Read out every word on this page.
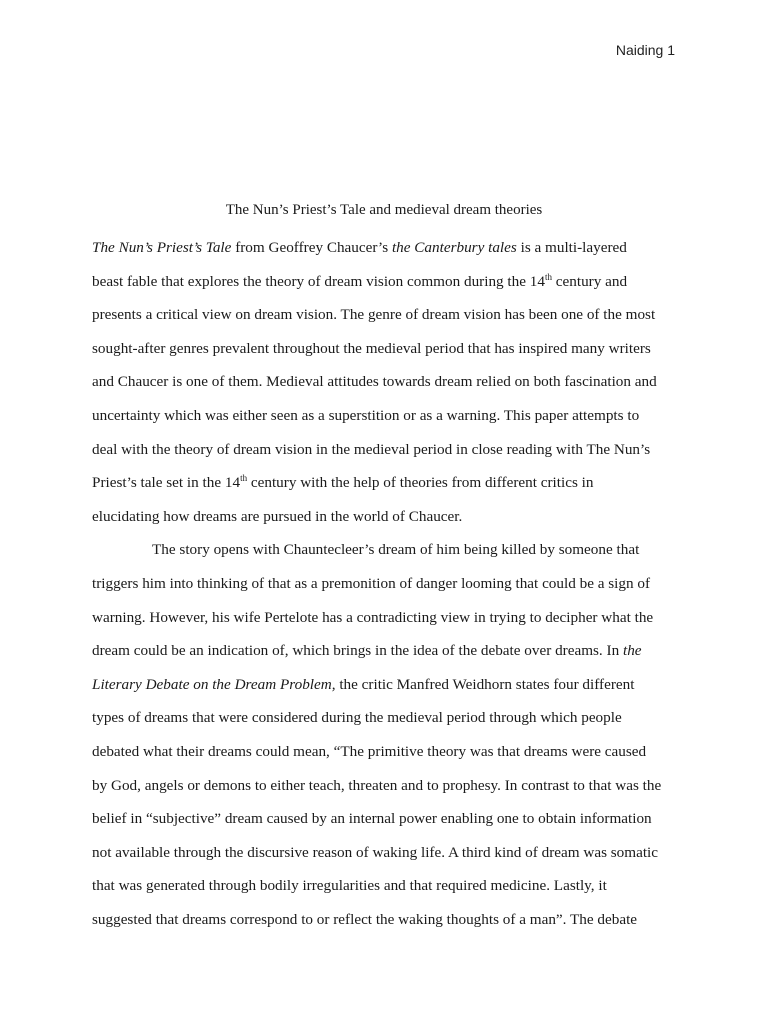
Naiding 1
The Nun’s Priest’s Tale and medieval dream theories
The Nun’s Priest’s Tale from Geoffrey Chaucer’s the Canterbury tales is a multi-layered
beast fable that explores the theory of dream vision common during the 14th century and
presents a critical view on dream vision. The genre of dream vision has been one of the most
sought-after genres prevalent throughout the medieval period that has inspired many writers
and Chaucer is one of them. Medieval attitudes towards dream relied on both fascination and
uncertainty which was either seen as a superstition or as a warning. This paper attempts to
deal with the theory of dream vision in the medieval period in close reading with The Nun’s
Priest’s tale set in the 14th century with the help of theories from different critics in
elucidating how dreams are pursued in the world of Chaucer.
The story opens with Chauntecleer’s dream of him being killed by someone that
triggers him into thinking of that as a premonition of danger looming that could be a sign of
warning. However, his wife Pertelote has a contradicting view in trying to decipher what the
dream could be an indication of, which brings in the idea of the debate over dreams. In the
Literary Debate on the Dream Problem, the critic Manfred Weidhorn states four different
types of dreams that were considered during the medieval period through which people
debated what their dreams could mean, “The primitive theory was that dreams were caused
by God, angels or demons to either teach, threaten and to prophesy. In contrast to that was the
belief in “subjective” dream caused by an internal power enabling one to obtain information
not available through the discursive reason of waking life. A third kind of dream was somatic
that was generated through bodily irregularities and that required medicine. Lastly, it
suggested that dreams correspond to or reflect the waking thoughts of a man”. The debate
